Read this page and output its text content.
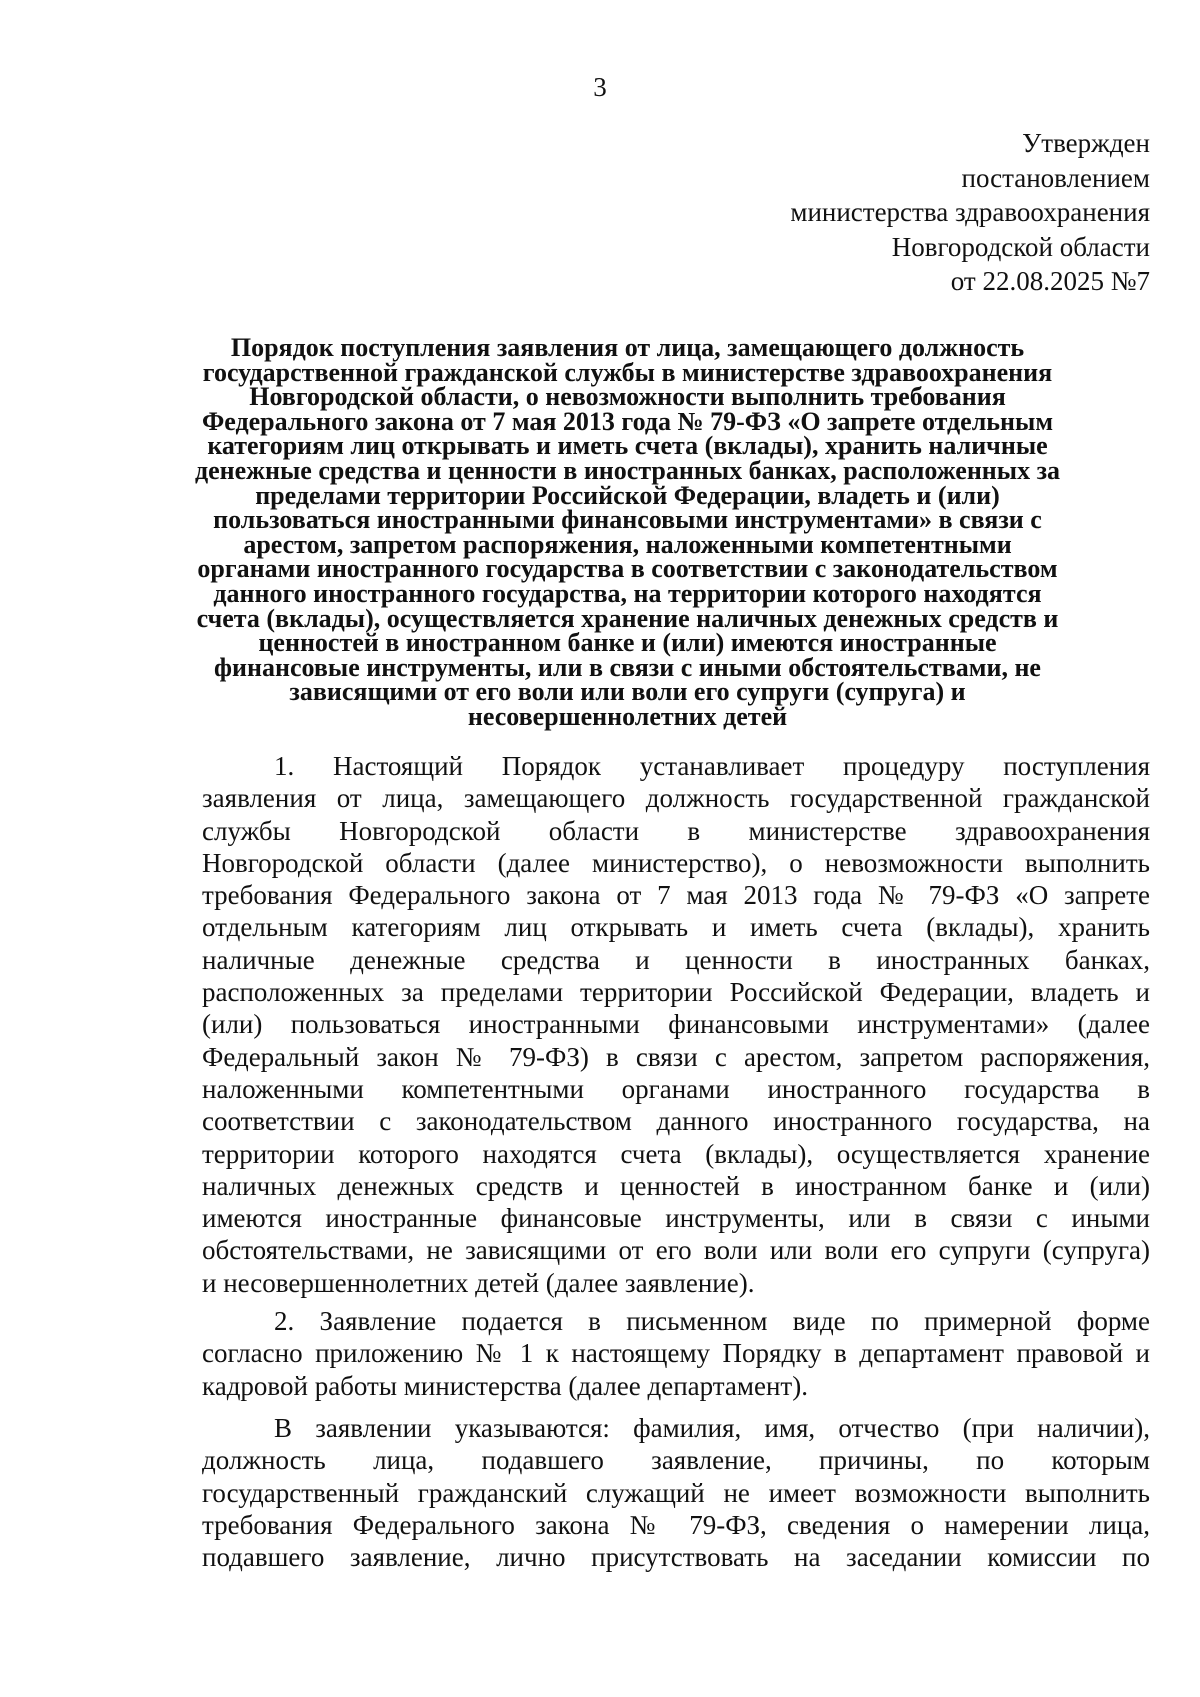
3
Утвержден
постановлением
министерства здравоохранения
Новгородской области
от 22.08.2025 №7
Порядок поступления заявления от лица, замещающего должность
государственной гражданской службы в министерстве здравоохранения
Новгородской области, о невозможности выполнить требования
Федерального закона от 7 мая 2013 года № 79-ФЗ «О запрете отдельным
категориям лиц открывать и иметь счета (вклады), хранить наличные
денежные средства и ценности в иностранных банках, расположенных за
пределами территории Российской Федерации, владеть и (или)
пользоваться иностранными финансовыми инструментами» в связи с
арестом, запретом распоряжения, наложенными компетентными
органами иностранного государства в соответствии с законодательством
данного иностранного государства, на территории которого находятся
счета (вклады), осуществляется хранение наличных денежных средств и
ценностей в иностранном банке и (или) имеются иностранные
финансовые инструменты, или в связи с иными обстоятельствами, не
зависящими от его воли или воли его супруги (супруга) и
несовершеннолетних детей
1. Настоящий Порядок устанавливает процедуру поступления
заявления от лица, замещающего должность государственной гражданской
службы Новгородской области в министерстве здравоохранения
Новгородской области (далее министерство), о невозможности выполнить
требования Федерального закона от 7 мая 2013 года № 79-ФЗ «О запрете
отдельным категориям лиц открывать и иметь счета (вклады), хранить
наличные денежные средства и ценности в иностранных банках,
расположенных за пределами территории Российской Федерации, владеть и
(или) пользоваться иностранными финансовыми инструментами» (далее
Федеральный закон № 79-ФЗ) в связи с арестом, запретом распоряжения,
наложенными компетентными органами иностранного государства в
соответствии с законодательством данного иностранного государства, на
территории которого находятся счета (вклады), осуществляется хранение
наличных денежных средств и ценностей в иностранном банке и (или)
имеются иностранные финансовые инструменты, или в связи с иными
обстоятельствами, не зависящими от его воли или воли его супруги (супруга)
и несовершеннолетних детей (далее заявление).
2. Заявление подается в письменном виде по примерной форме
согласно приложению № 1 к настоящему Порядку в департамент правовой и
кадровой работы министерства (далее департамент).
В заявлении указываются: фамилия, имя, отчество (при наличии),
должность лица, подавшего заявление, причины, по которым
государственный гражданский служащий не имеет возможности выполнить
требования Федерального закона № 79-ФЗ, сведения о намерении лица,
подавшего заявление, лично присутствовать на заседании комиссии по
